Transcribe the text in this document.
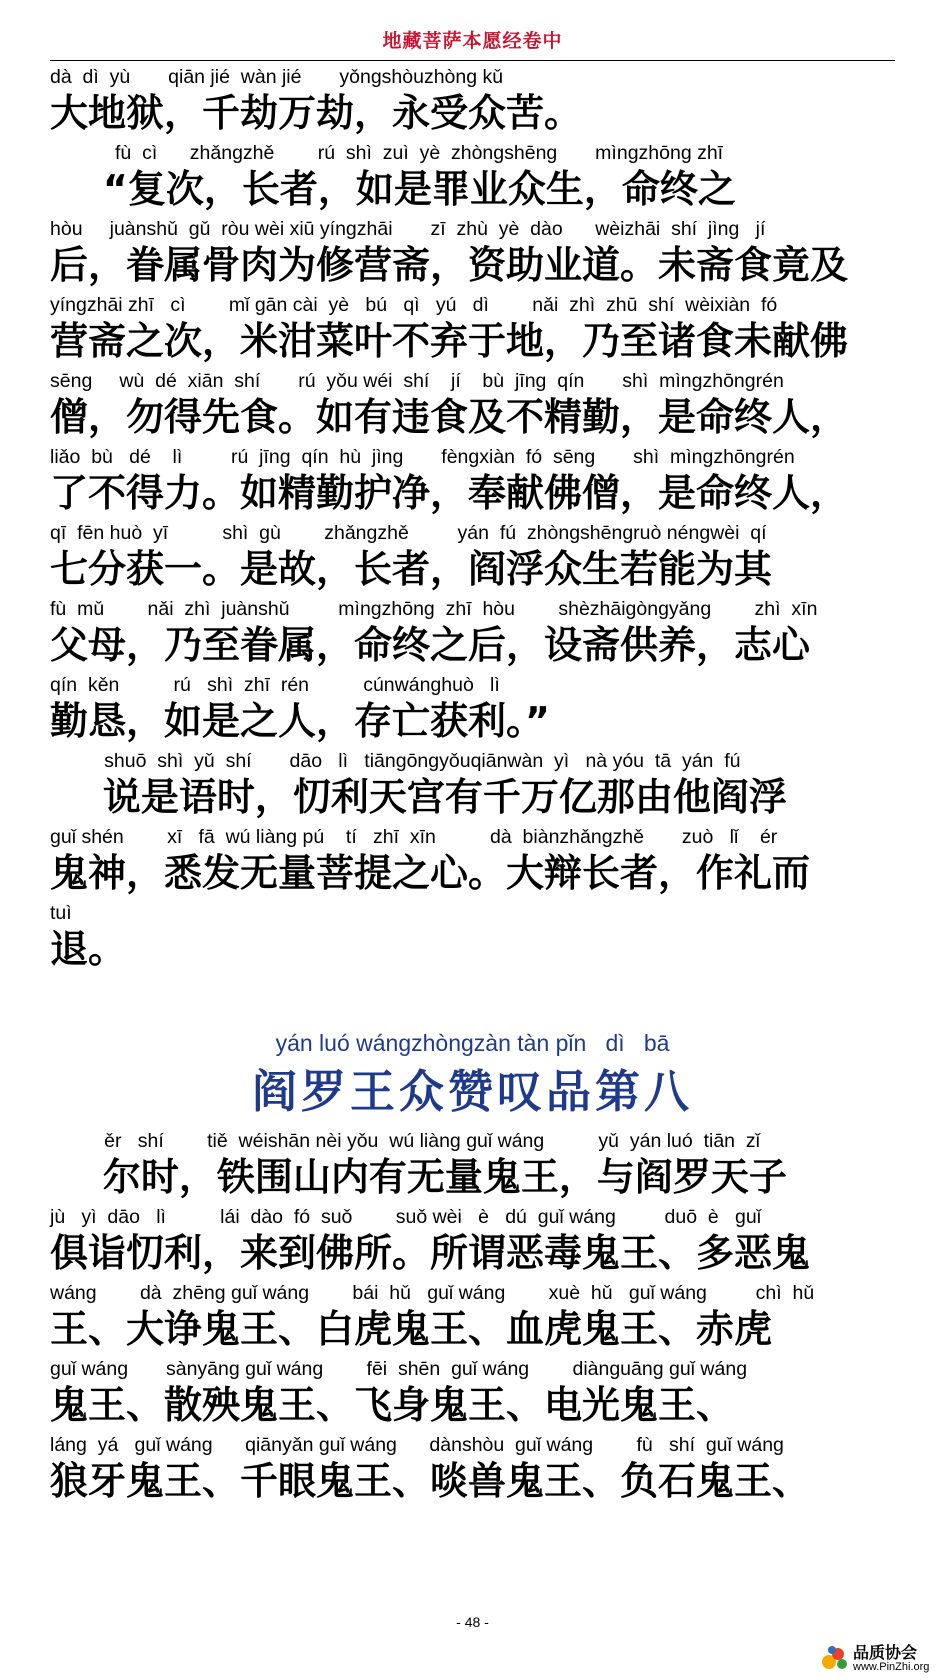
地藏菩萨本愿经卷中
dà  dì  yù       qiān jié  wàn jié       yǒngshòuzhòng kǔ
大地狱，千劫万劫，永受众苦。
fù  cì      zhǎngzhě        rú  shì  zuì  yè  zhòngshēng       mìngzhōng zhī
“复次，长者，如是罪业众生，命终之
hòu     juànshǔ  gǔ  ròu wèi xiū yíngzhāi       zī  zhù  yè  dào      wèizhāi  shí  jìng   jí
后，眷属骨肉为修营斋，资助业道。未斋食竟及
yíngzhāi zhī   cì        mǐ gān cài  yè   bú   qì   yú   dì        nǎi  zhì  zhū  shí  wèixiàn  fó
营斋之次，米泔菜叶不弃于地，乃至诸食未献佛
sēng     wù  dé  xiān  shí       rú  yǒu wéi  shí    jí    bù  jīng  qín       shì  mìngzhōngrén
僧，勿得先食。如有违食及不精勤，是命终人，
liǎo  bù   dé    lì         rú  jīng  qín  hù  jìng       fèngxiàn  fó  sēng       shì  mìngzhōngrén
了不得力。如精勤护净，奉献佛僧，是命终人，
qī  fēn huò  yī          shì  gù        zhǎngzhě         yán  fú  zhòngshēngruò néngwèi  qí
七分获一。是故，长者，阎浮众生若能为其
fù  mǔ        nǎi  zhì  juànshǔ         mìngzhōng  zhī  hòu        shèzhāigòngyǎng        zhì  xīn
父母，乃至眷属，命终之后，设斋供养，志心
qín  kěn          rú   shì  zhī  rén          cúnwánghuò   lì
勤恳，如是之人，存亡获利。”
shuō  shì  yǔ  shí       dāo   lì   tiāngōngyǒuqiānwàn  yì   nà yóu  tā  yán  fú
说是语时，忉利天宫有千万亿那由他阎浮
guǐ shén        xī   fā  wú liàng pú    tí   zhī  xīn          dà  biànzhǎngzhě       zuò   lǐ    ér
鬼神，悉发无量菩提之心。大辩长者，作礼而
tuì
退。
ěr   shí        tiě  wéishān nèi yǒu  wú liàng guǐ wáng          yǔ  yán luó  tiān  zǐ
尔时，铁围山内有无量鬼王，与阎罗天子
jù   yì  dāo   lì          lái  dào  fó  suǒ        suǒ wèi   è   dú  guǐ wáng         duō  è   guǐ
俱诣忉利，来到佛所。所谓恶毒鬼王、多恶鬼
wáng        dà  zhēng guǐ wáng        bái  hǔ   guǐ wáng        xuè  hǔ   guǐ wáng         chì  hǔ
王、大诤鬼王、白虎鬼王、血虎鬼王、赤虎
guǐ wáng       sànyāng guǐ wáng        fēi  shēn  guǐ wáng        diànguāng guǐ wáng
鬼王、散殃鬼王、飞身鬼王、电光鬼王、
láng  yá   guǐ wáng      qiānyǎn guǐ wáng      dànshòu  guǐ wáng        fù   shí  guǐ wáng
狼牙鬼王、千眼鬼王、啖兽鬼王、负石鬼王、
yán luó wángzhòngzàn tàn pǐn   dì   bā
阎罗王众赞叹品第八
- 48 -
品质协会
www.PinZhi.org
